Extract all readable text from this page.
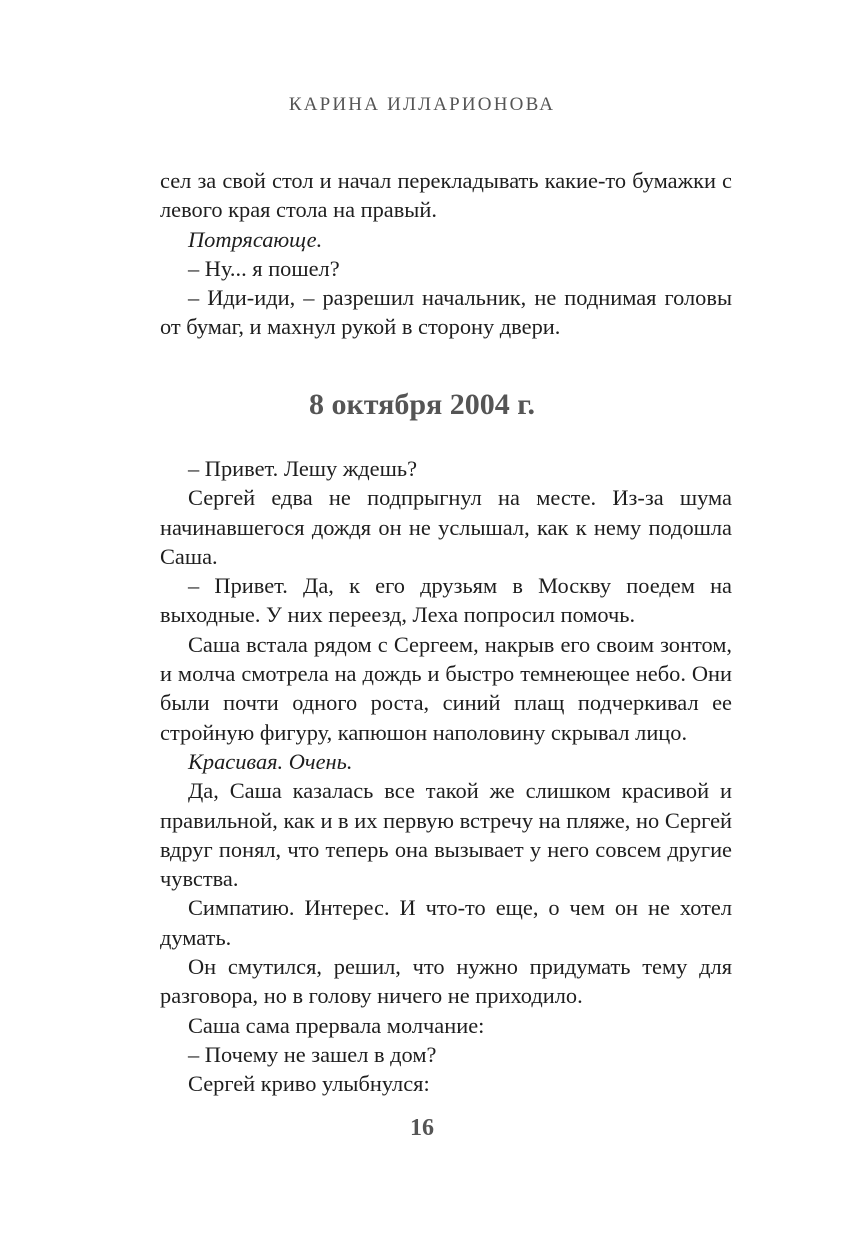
КАРИНА ИЛЛАРИОНОВА

сел за свой стол и начал перекладывать какие-то бумажки с левого края стола на правый.

Потрясающе.

– Ну... я пошел?

– Иди-иди, – разрешил начальник, не поднимая головы от бумаг, и махнул рукой в сторону двери.

8 октября 2004 г.

– Привет. Лешу ждешь?

Сергей едва не подпрыгнул на месте. Из-за шума начинавшегося дождя он не услышал, как к нему подошла Саша.

– Привет. Да, к его друзьям в Москву поедем на выходные. У них переезд, Леха попросил помочь.

Саша встала рядом с Сергеем, накрыв его своим зонтом, и молча смотрела на дождь и быстро темнеющее небо. Они были почти одного роста, синий плащ подчеркивал ее стройную фигуру, капюшон наполовину скрывал лицо.

Красивая. Очень.

Да, Саша казалась все такой же слишком красивой и правильной, как и в их первую встречу на пляже, но Сергей вдруг понял, что теперь она вызывает у него совсем другие чувства.

Симпатию. Интерес. И что-то еще, о чем он не хотел думать.

Он смутился, решил, что нужно придумать тему для разговора, но в голову ничего не приходило.

Саша сама прервала молчание:

– Почему не зашел в дом?

Сергей криво улыбнулся:

16
